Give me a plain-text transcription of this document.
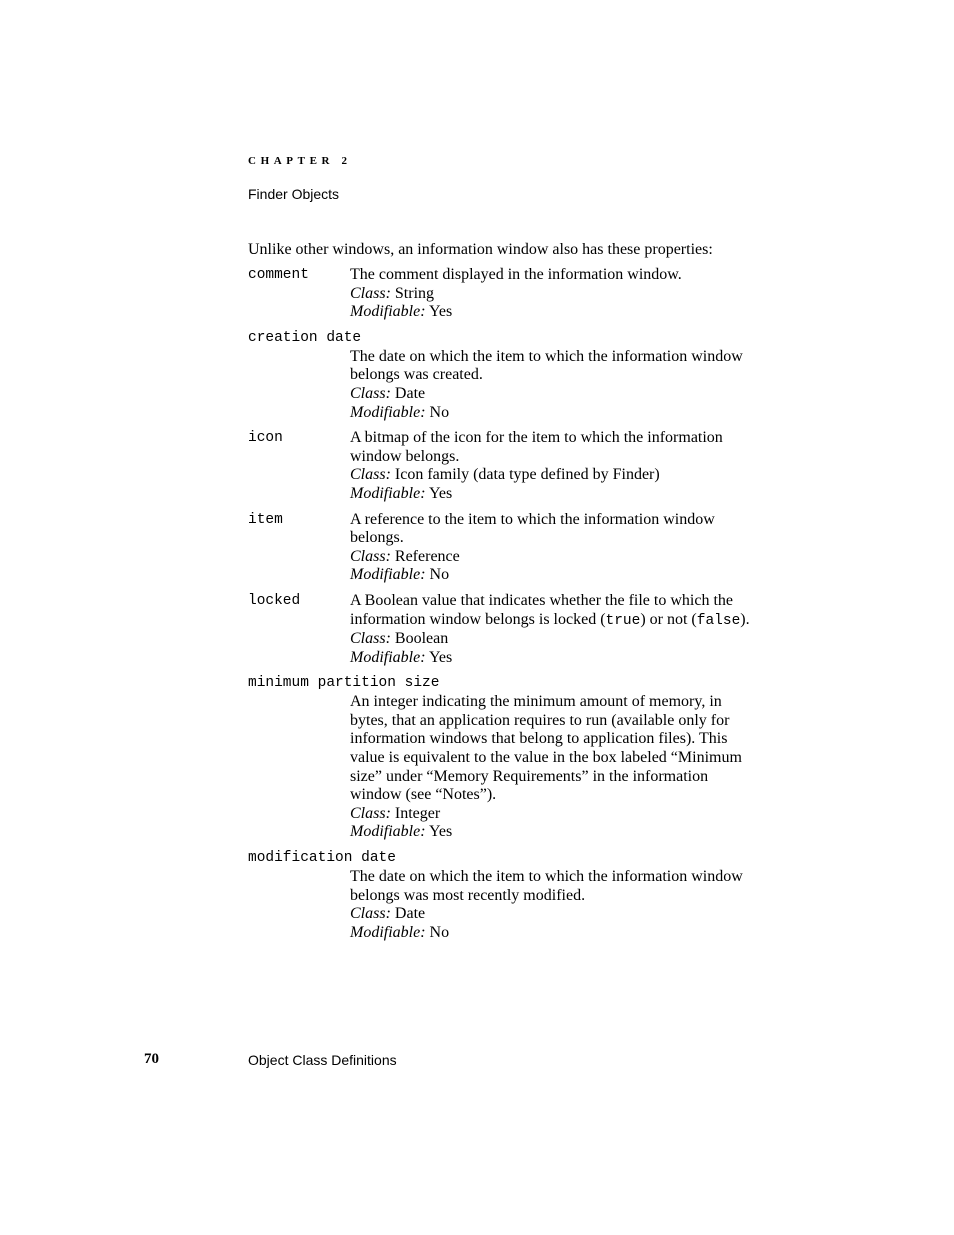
CHAPTER 2
Finder Objects
Unlike other windows, an information window also has these properties:
comment	The comment displayed in the information window.
Class: String
Modifiable: Yes
creation date
The date on which the item to which the information window
belongs was created.
Class: Date
Modifiable: No
icon	A bitmap of the icon for the item to which the information
window belongs.
Class: Icon family (data type defined by Finder)
Modifiable: Yes
item	A reference to the item to which the information window
belongs.
Class: Reference
Modifiable: No
locked	A Boolean value that indicates whether the file to which the
information window belongs is locked (true) or not (false).
Class: Boolean
Modifiable: Yes
minimum partition size
An integer indicating the minimum amount of memory, in
bytes, that an application requires to run (available only for
information windows that belong to application files). This
value is equivalent to the value in the box labeled “Minimum
size” under “Memory Requirements” in the information
window (see “Notes”).
Class: Integer
Modifiable: Yes
modification date
The date on which the item to which the information window
belongs was most recently modified.
Class: Date
Modifiable: No
70	Object Class Definitions
